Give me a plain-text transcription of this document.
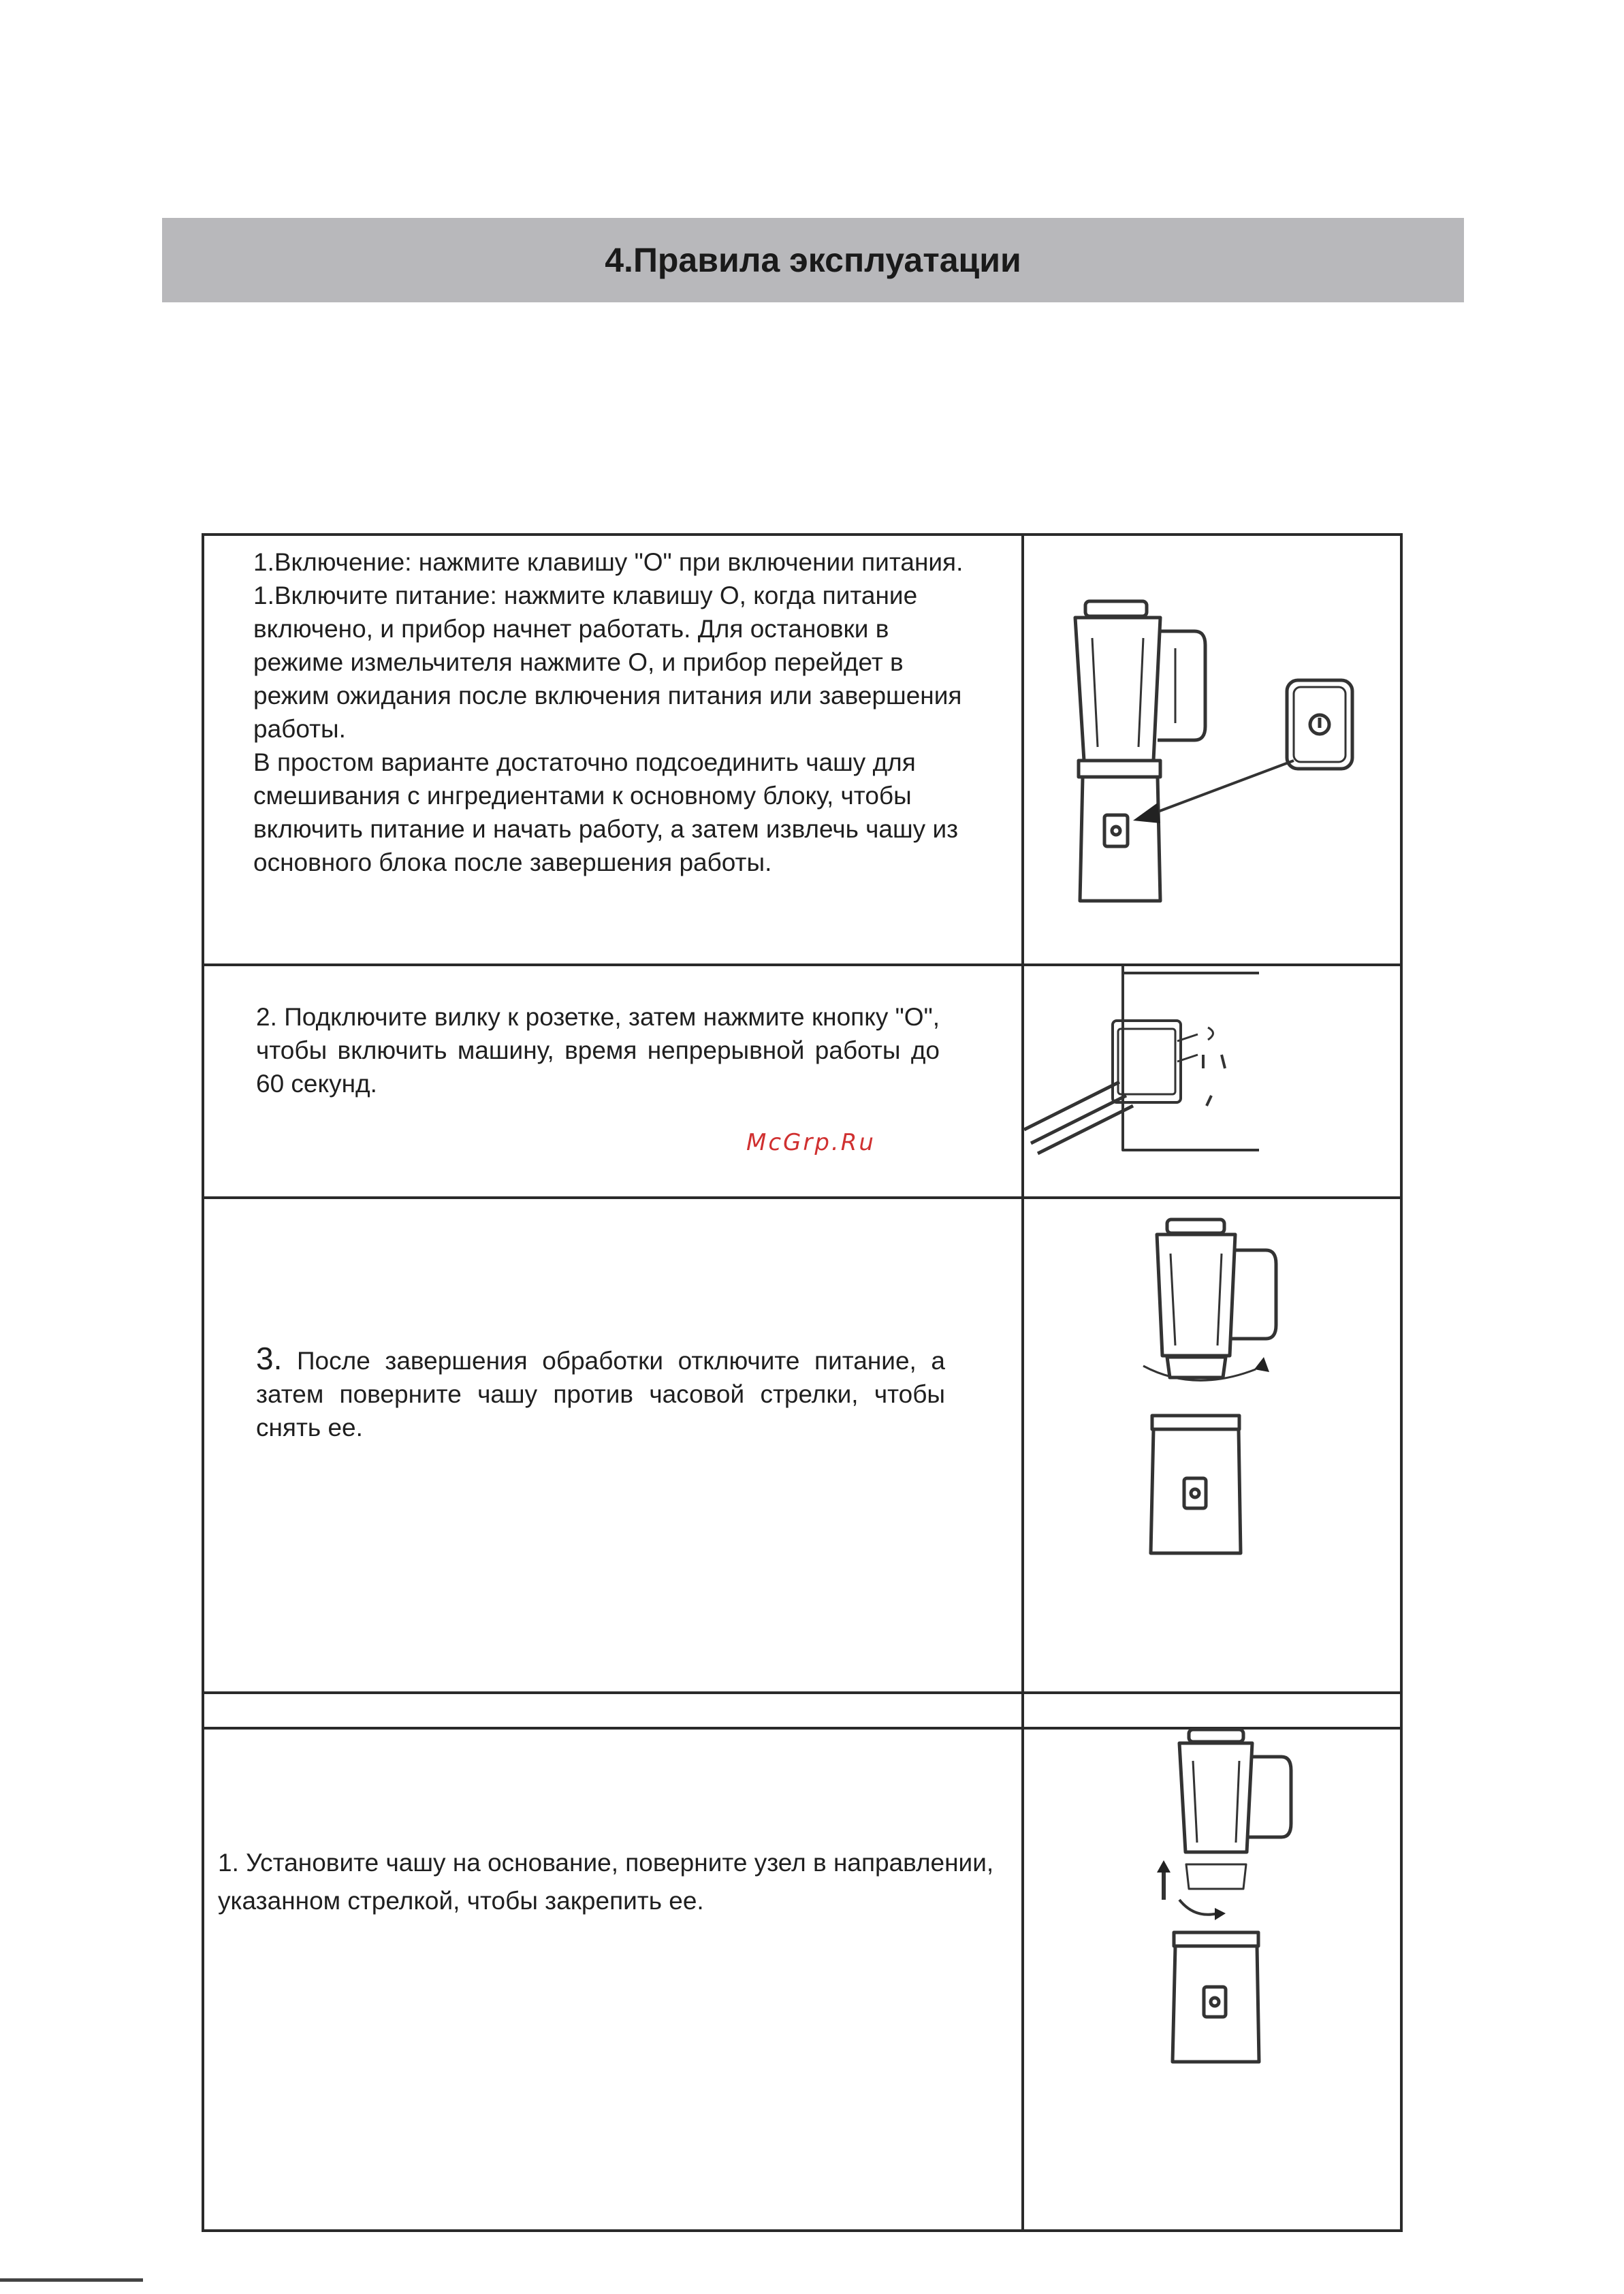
4.Правила эксплуатации

1.Включение: нажмите клавишу "О" при включении питания.

1.Включите питание: нажмите клавишу О, когда питание включено, и прибор начнет работать. Для остановки в режиме измельчителя нажмите О, и прибор перейдет в режим ожидания после включения питания или завершения работы.

В простом варианте достаточно подсоединить чашу для смешивания с ингредиентами к основному блоку, чтобы включить питание и начать работу, а затем извлечь чашу из основного блока после завершения работы.

2. Подключите вилку к розетке, затем нажмите кнопку "О", чтобы включить машину, время непрерывной работы до 60 секунд.

3. После завершения обработки отключите питание, а затем поверните чашу против часовой стрелки, чтобы снять ее.

1. Установите чашу на основание, поверните узел в направлении, указанном стрелкой, чтобы закрепить ее.

McGrp.Ru
